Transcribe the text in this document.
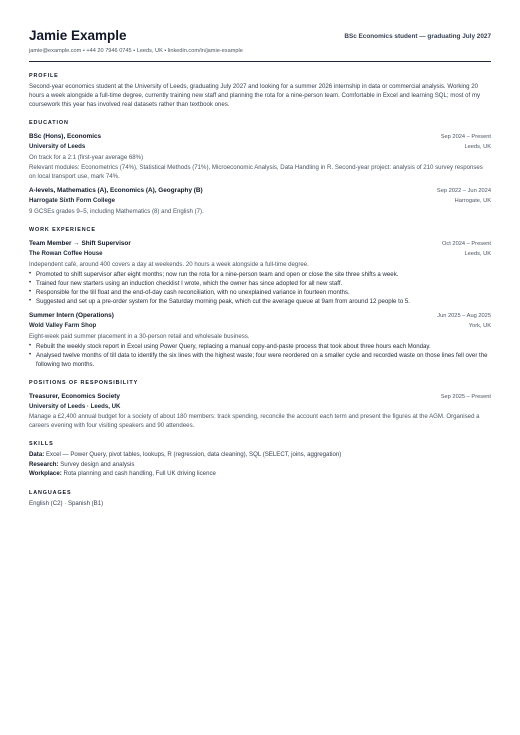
Jamie Example	BSc Economics student — graduating July 2027
jamie@example.com • +44 20 7946 0745 • Leeds, UK • linkedin.com/in/jamie-example
PROFILE
Second-year economics student at the University of Leeds, graduating July 2027 and looking for a summer 2026 internship in data or commercial analysis. Working 20 hours a week alongside a full-time degree, currently training new staff and planning the rota for a nine-person team. Comfortable in Excel and learning SQL; most of my coursework this year has involved real datasets rather than textbook ones.
EDUCATION
BSc (Hons), Economics	Sep 2024 – Present
University of Leeds	Leeds, UK
On track for a 2:1 (first-year average 68%)
Relevant modules: Econometrics (74%), Statistical Methods (71%), Microeconomic Analysis, Data Handling in R. Second-year project: analysis of 210 survey responses on local transport use, mark 74%.
A-levels, Mathematics (A), Economics (A), Geography (B)	Sep 2022 – Jun 2024
Harrogate Sixth Form College	Harrogate, UK
9 GCSEs grades 9–5, including Mathematics (8) and English (7).
WORK EXPERIENCE
Team Member → Shift Supervisor	Oct 2024 – Present
The Rowan Coffee House	Leeds, UK
Independent café, around 400 covers a day at weekends. 20 hours a week alongside a full-time degree.
• Promoted to shift supervisor after eight months; now run the rota for a nine-person team and open or close the site three shifts a week.
• Trained four new starters using an induction checklist I wrote, which the owner has since adopted for all new staff.
• Responsible for the till float and the end-of-day cash reconciliation, with no unexplained variance in fourteen months.
• Suggested and set up a pre-order system for the Saturday morning peak, which cut the average queue at 9am from around 12 people to 5.
Summer Intern (Operations)	Jun 2025 – Aug 2025
Wold Valley Farm Shop	York, UK
Eight-week paid summer placement in a 30-person retail and wholesale business.
• Rebuilt the weekly stock report in Excel using Power Query, replacing a manual copy-and-paste process that took about three hours each Monday.
• Analysed twelve months of till data to identify the six lines with the highest waste; four were reordered on a smaller cycle and recorded waste on those lines fell over the following two months.
POSITIONS OF RESPONSIBILITY
Treasurer, Economics Society	Sep 2025 – Present
University of Leeds · Leeds, UK
Manage a £2,400 annual budget for a society of about 180 members: track spending, reconcile the account each term and present the figures at the AGM. Organised a careers evening with four visiting speakers and 90 attendees.
SKILLS
Data: Excel — Power Query, pivot tables, lookups, R (regression, data cleaning), SQL (SELECT, joins, aggregation)
Research: Survey design and analysis
Workplace: Rota planning and cash handling, Full UK driving licence
LANGUAGES
English (C2) · Spanish (B1)
